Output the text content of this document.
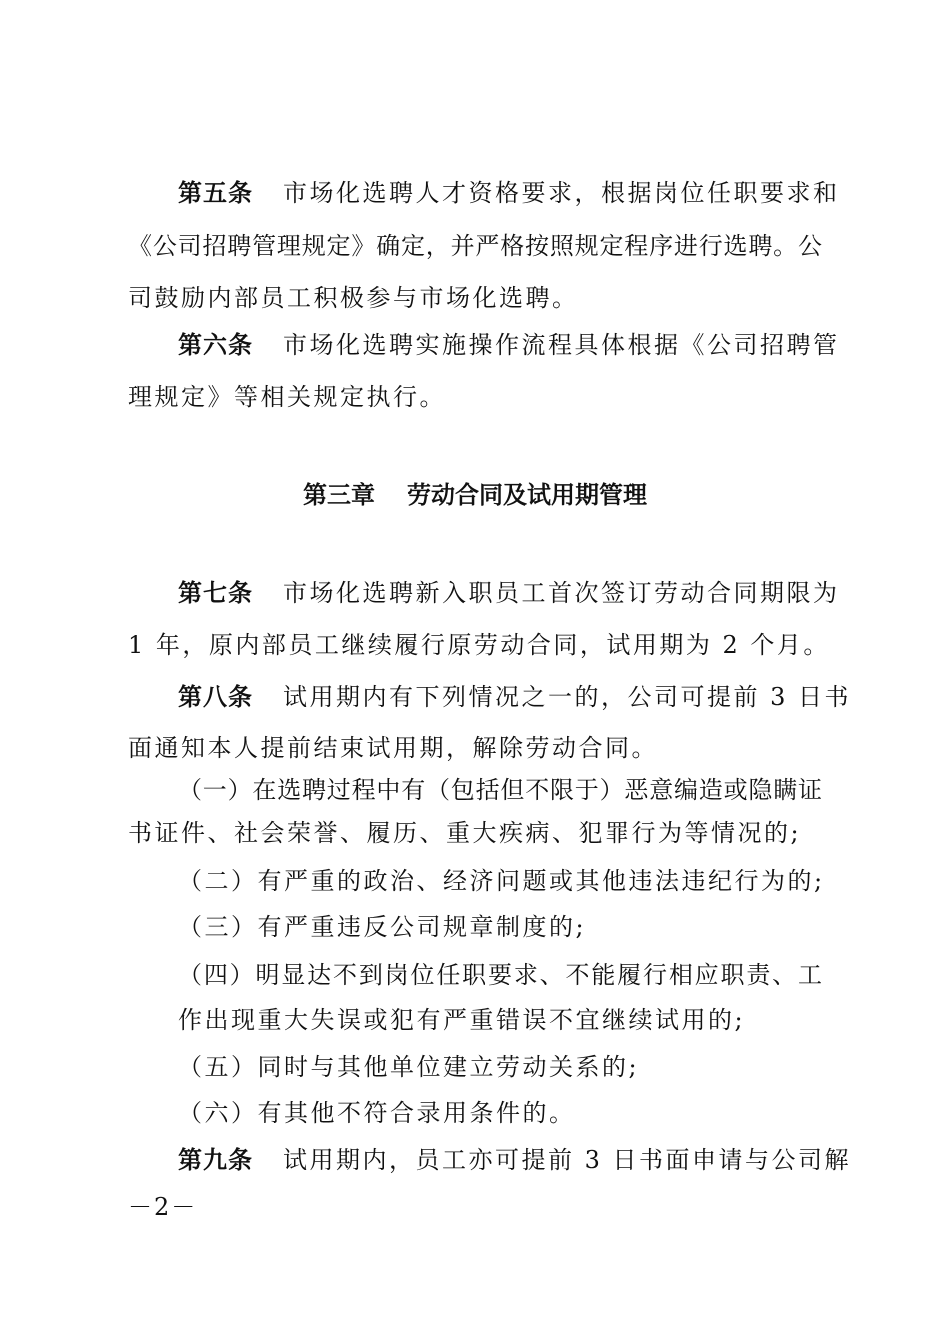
第五条 市场化选聘人才资格要求，根据岗位任职要求和
《公司招聘管理规定》确定，并严格按照规定程序进行选聘。公
司鼓励内部员工积极参与市场化选聘。
第六条 市场化选聘实施操作流程具体根据《公司招聘管
理规定》等相关规定执行。
第三章 劳动合同及试用期管理
第七条 市场化选聘新入职员工首次签订劳动合同期限为
1 年，原内部员工继续履行原劳动合同，试用期为 2 个月。
第八条 试用期内有下列情况之一的，公司可提前 3 日书
面通知本人提前结束试用期，解除劳动合同。
（一）在选聘过程中有（包括但不限于）恶意编造或隐瞒证
书证件、社会荣誉、履历、重大疾病、犯罪行为等情况的;
（二）有严重的政治、经济问题或其他违法违纪行为的;
（三）有严重违反公司规章制度的;
（四）明显达不到岗位任职要求、不能履行相应职责、工
作出现重大失误或犯有严重错误不宜继续试用的;
（五）同时与其他单位建立劳动关系的;
（六）有其他不符合录用条件的。
第九条 试用期内，员工亦可提前 3 日书面申请与公司解
－2－
